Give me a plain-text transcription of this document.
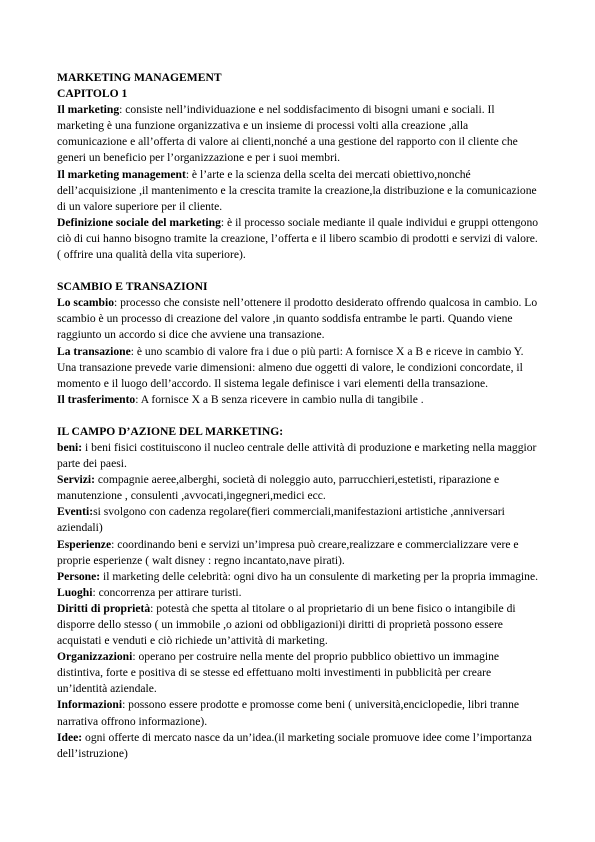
MARKETING MANAGEMENT

CAPITOLO 1

Il marketing: consiste nell’individuazione e nel soddisfacimento di bisogni umani e sociali. Il marketing è una funzione organizzativa e un insieme di processi volti alla creazione ,alla comunicazione e all’offerta di valore ai clienti,nonché a una gestione del rapporto con il cliente che generi un beneficio per l’organizzazione e per i suoi membri.

Il marketing management: è l’arte e la scienza della scelta dei mercati obiettivo,nonché dell’acquisizione ,il mantenimento e la crescita tramite la creazione,la distribuzione e la comunicazione di un valore superiore per il cliente.

Definizione sociale del marketing: è il processo sociale mediante il quale individui e gruppi ottengono ciò di cui hanno bisogno tramite la creazione, l’offerta e il libero scambio di prodotti e servizi di valore. ( offrire una qualità della vita superiore).

SCAMBIO E TRANSAZIONI

Lo scambio: processo che consiste nell’ottenere il prodotto desiderato offrendo qualcosa in cambio. Lo scambio è un processo di creazione del valore ,in quanto soddisfa entrambe le parti. Quando viene raggiunto un accordo si dice che avviene una transazione.

La transazione: è uno scambio di valore fra i due o più parti: A fornisce X a B e riceve in cambio Y. Una transazione prevede varie dimensioni: almeno due oggetti di valore, le condizioni concordate, il momento e il luogo dell’accordo. Il sistema legale definisce i vari elementi della transazione.

Il trasferimento: A fornisce X a B senza ricevere in cambio nulla di tangibile .

IL CAMPO D’AZIONE DEL MARKETING:

beni: i beni fisici costituiscono il nucleo centrale delle attività di produzione e marketing nella maggior parte dei paesi.

Servizi: compagnie aeree,alberghi, società di noleggio auto, parrucchieri,estetisti, riparazione e manutenzione , consulenti ,avvocati,ingegneri,medici ecc.

Eventi:si svolgono con cadenza regolare(fieri commerciali,manifestazioni artistiche ,anniversari aziendali)

Esperienze: coordinando beni e servizi un’impresa può creare,realizzare e commercializzare vere e proprie esperienze ( walt disney : regno incantato,nave pirati).

Persone: il marketing delle celebrità: ogni divo ha un consulente di marketing per la propria immagine.

Luoghi: concorrenza per attirare turisti.

Diritti di proprietà: potestà che spetta al titolare o al proprietario di un bene fisico o intangibile di disporre dello stesso ( un immobile ,o azioni od obbligazioni)i diritti di proprietà possono essere acquistati e venduti e ciò richiede un’attività di marketing.

Organizzazioni: operano per costruire nella mente del proprio pubblico obiettivo un immagine distintiva, forte e positiva di se stesse ed effettuano molti investimenti in pubblicità per creare un’identità aziendale.

Informazioni: possono essere prodotte e promosse come beni ( università,enciclopedie, libri tranne narrativa offrono informazione).

Idee: ogni offerte di mercato nasce da un’idea.(il marketing sociale promuove idee come l’importanza dell’istruzione)
